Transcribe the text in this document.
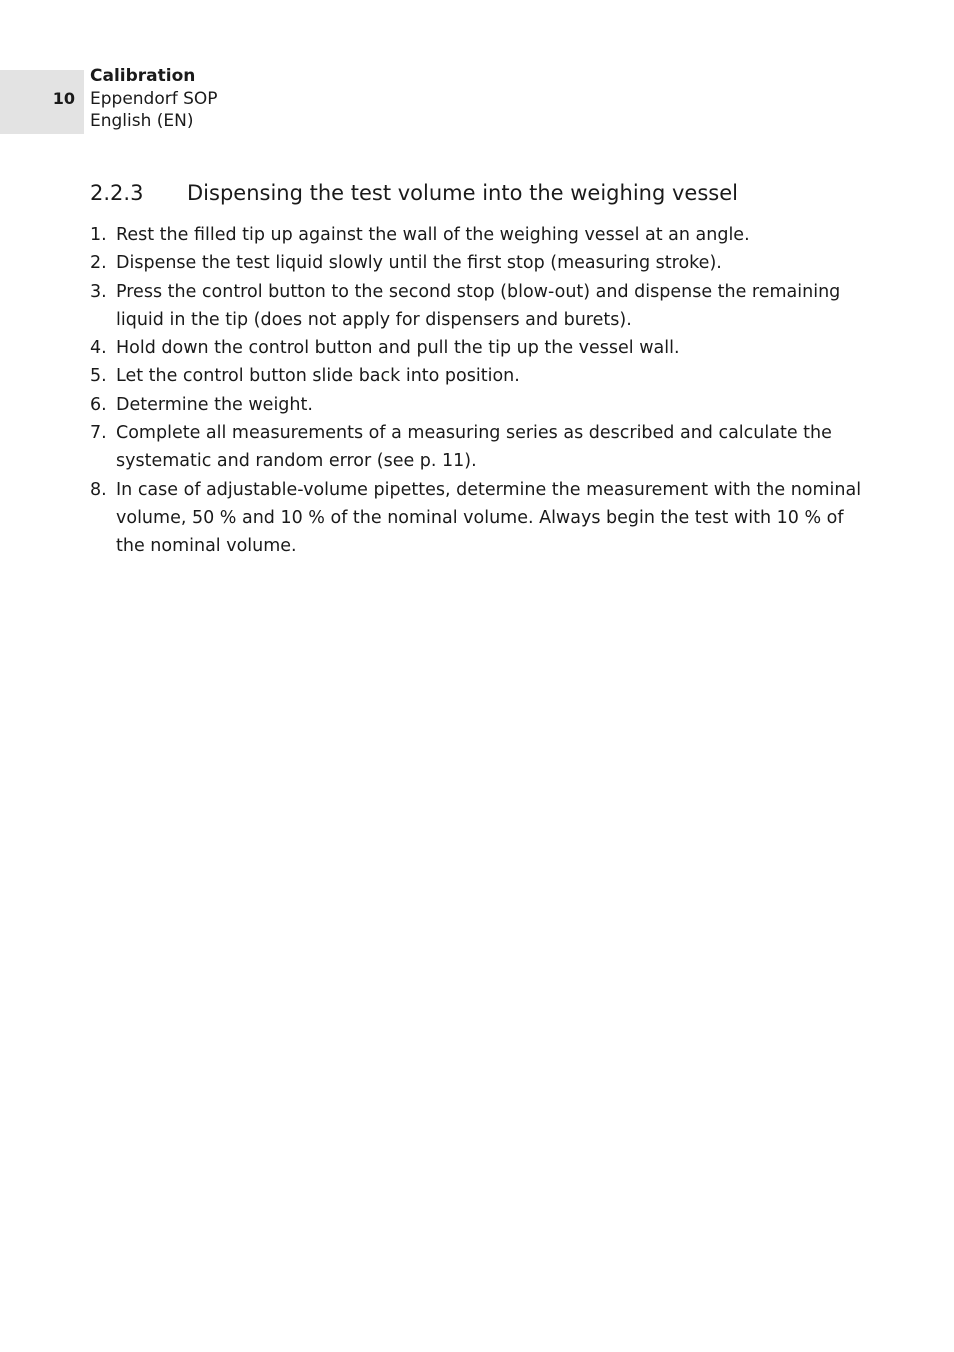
10
Calibration
Eppendorf SOP
English (EN)
2.2.3 Dispensing the test volume into the weighing vessel
1. Rest the filled tip up against the wall of the weighing vessel at an angle.
2. Dispense the test liquid slowly until the first stop (measuring stroke).
3. Press the control button to the second stop (blow-out) and dispense the remaining liquid in the tip (does not apply for dispensers and burets).
4. Hold down the control button and pull the tip up the vessel wall.
5. Let the control button slide back into position.
6. Determine the weight.
7. Complete all measurements of a measuring series as described and calculate the systematic and random error (see p. 11).
8. In case of adjustable-volume pipettes, determine the measurement with the nominal volume, 50 % and 10 % of the nominal volume. Always begin the test with 10 % of the nominal volume.
